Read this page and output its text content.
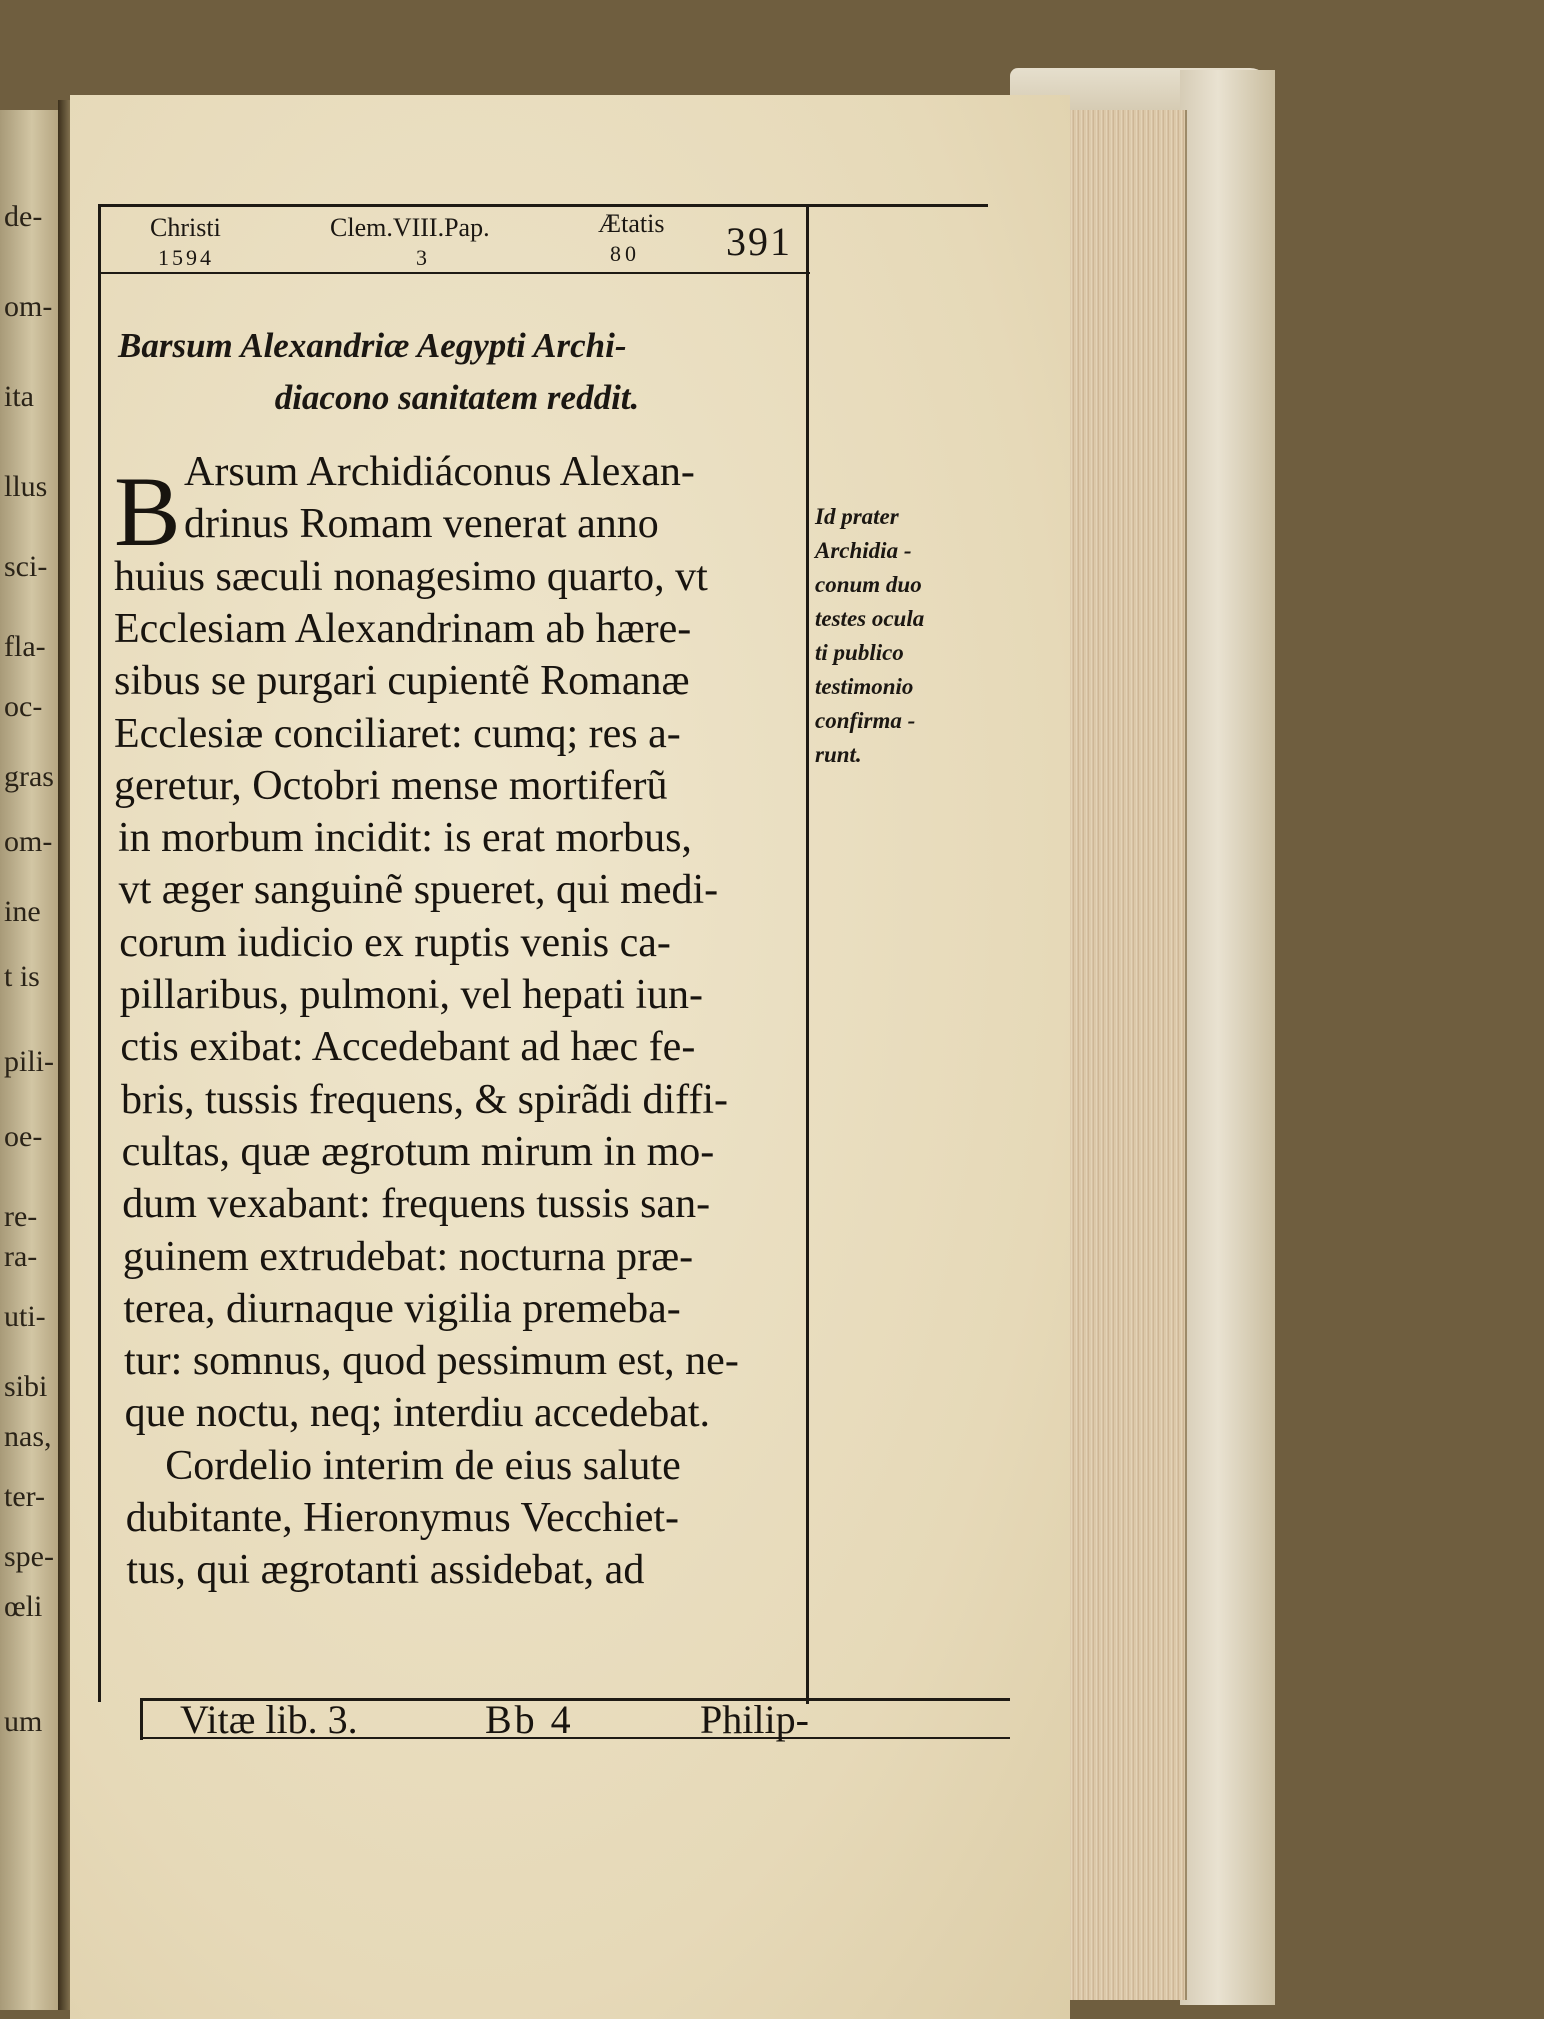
de-
om-
ita
llus
sci-
fla-
oc-
gras
om-
ine
t is
pili-
oe-
re-
ra-
uti-
sibi
nas,
ter-
spe-
œli
um
Christi
1594
Clem.VIII.Pap.
3
Ætatis
80 391
Barsum Alexandriæ Aegypti Archi-
diacono sanitatem reddit.
B Arsum Archidiáconus Alexan-
drinus Romam venerat anno
huius sæculi nonagesimo quarto, vt
Ecclesiam Alexandrinam ab hære-
sibus se purgari cupientẽ Romanæ
Ecclesiæ conciliaret: cumq; res a-
geretur, Octobri mense mortiferũ
in morbum incidit: is erat morbus,
vt æger sanguinẽ spueret, qui medi-
corum iudicio ex ruptis venis ca-
pillaribus, pulmoni, vel hepati iun-
ctis exibat: Accedebant ad hæc fe-
bris, tussis frequens, & spirãdi diffi-
cultas, quæ ægrotum mirum in mo-
dum vexabant: frequens tussis san-
guinem extrudebat: nocturna præ-
terea, diurnaque vigilia premeba-
tur: somnus, quod pessimum est, ne-
que noctu, neq; interdiu accedebat.
Cordelio interim de eius salute
dubitante, Hieronymus Vecchiet-
tus, qui ægrotanti assidebat, ad
Id prater
Archidia -
conum duo
testes ocula
ti publico
testimonio
confirma -
runt.
Vitæ lib. 3.	Bb 4	Philip-
